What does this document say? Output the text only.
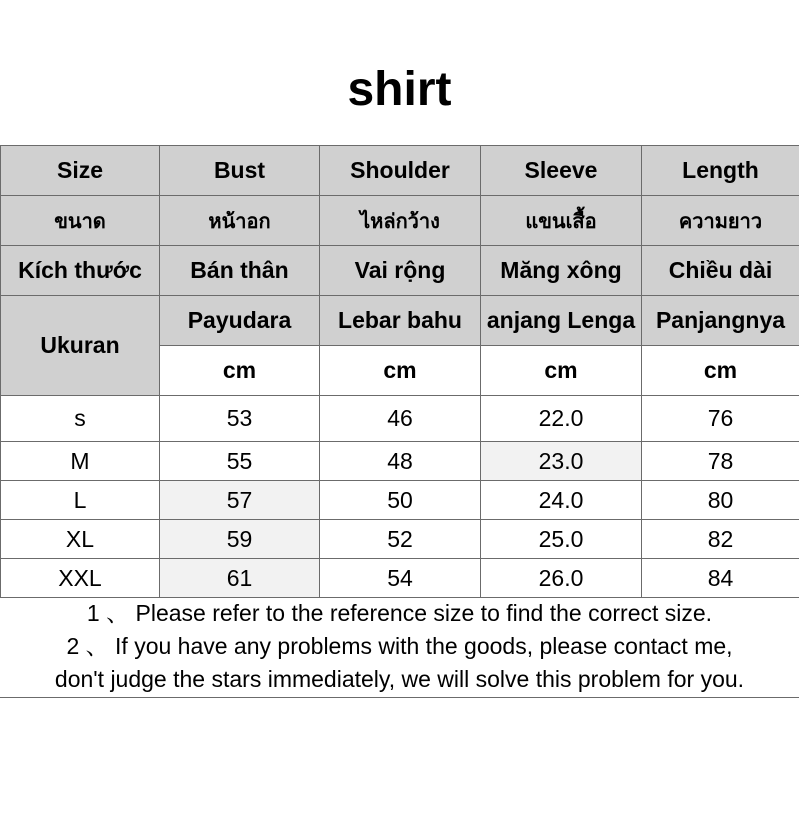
shirt
Size	Bust	Shoulder	Sleeve	Length
ขนาด	หน้าอก	ไหล่กว้าง	แขนเสื้อ	ความยาว
Kích thước	Bán thân	Vai rộng	Măng xông	Chiều dài
Ukuran	Payudara	Lebar bahu	anjang Lenga	Panjangnya
	cm	cm	cm	cm
s	53	46	22.0	76
M	55	48	23.0	78
L	57	50	24.0	80
XL	59	52	25.0	82
XXL	61	54	26.0	84
1 、 Please refer to the reference size to find the correct size.
2 、 If you have any problems with the goods, please contact me,
don't judge the stars immediately, we will solve this problem for you.
